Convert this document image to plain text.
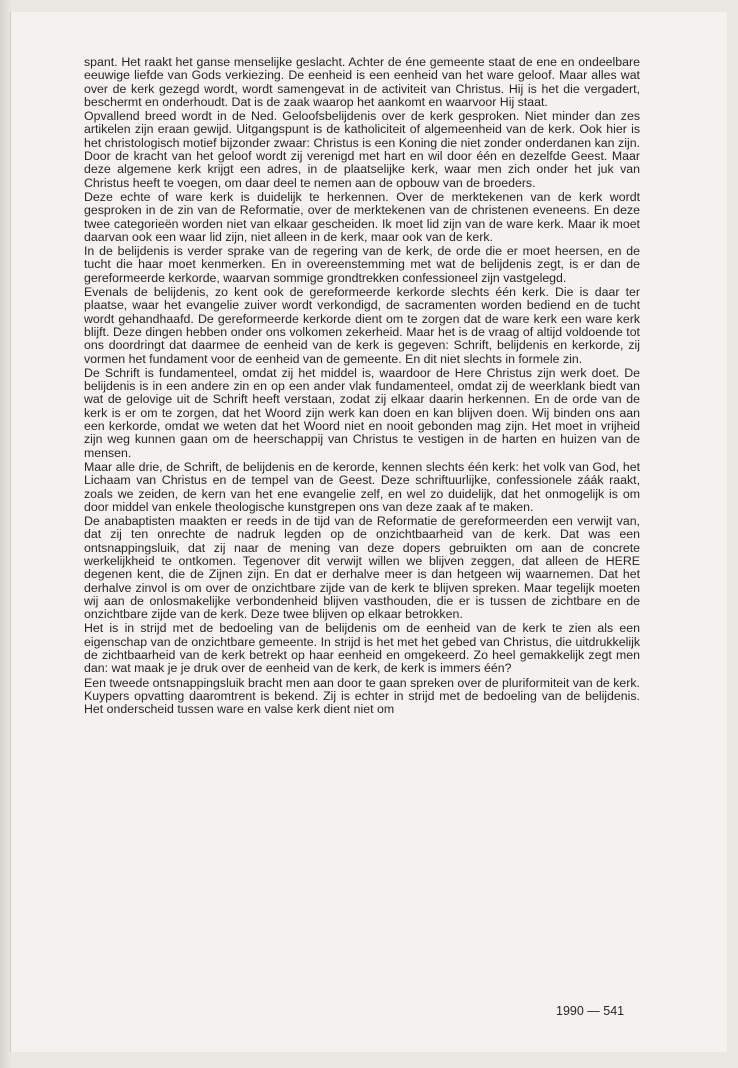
spant. Het raakt het ganse menselijke geslacht. Achter de éne gemeente staat de ene en ondeelbare eeuwige liefde van Gods verkiezing. De eenheid is een eenheid van het ware geloof. Maar alles wat over de kerk gezegd wordt, wordt samengevat in de activiteit van Christus. Hij is het die vergadert, beschermt en onderhoudt. Dat is de zaak waarop het aankomt en waarvoor Hij staat.

Opvallend breed wordt in de Ned. Geloofsbelijdenis over de kerk gesproken. Niet minder dan zes artikelen zijn eraan gewijd. Uitgangspunt is de katholiciteit of algemeenheid van de kerk. Ook hier is het christologisch motief bijzonder zwaar: Christus is een Koning die niet zonder onderdanen kan zijn. Door de kracht van het geloof wordt zij verenigd met hart en wil door één en dezelfde Geest. Maar deze algemene kerk krijgt een adres, in de plaatselijke kerk, waar men zich onder het juk van Christus heeft te voegen, om daar deel te nemen aan de opbouw van de broeders.

Deze echte of ware kerk is duidelijk te herkennen. Over de merktekenen van de kerk wordt gesproken in de zin van de Reformatie, over de merktekenen van de christenen eveneens. En deze twee categorieën worden niet van elkaar gescheiden. Ik moet lid zijn van de ware kerk. Maar ik moet daarvan ook een waar lid zijn, niet alleen in de kerk, maar ook van de kerk.

In de belijdenis is verder sprake van de regering van de kerk, de orde die er moet heersen, en de tucht die haar moet kenmerken. En in overeenstemming met wat de belijdenis zegt, is er dan de gereformeerde kerkorde, waarvan sommige grondtrekken confessioneel zijn vastgelegd.

Evenals de belijdenis, zo kent ook de gereformeerde kerkorde slechts één kerk. Die is daar ter plaatse, waar het evangelie zuiver wordt verkondigd, de sacramenten worden bediend en de tucht wordt gehandhaafd. De gereformeerde kerkorde dient om te zorgen dat de ware kerk een ware kerk blijft. Deze dingen hebben onder ons volkomen zekerheid. Maar het is de vraag of altijd voldoende tot ons doordringt dat daarmee de eenheid van de kerk is gegeven: Schrift, belijdenis en kerkorde, zij vormen het fundament voor de eenheid van de gemeente. En dit niet slechts in formele zin.

De Schrift is fundamenteel, omdat zij het middel is, waardoor de Here Christus zijn werk doet. De belijdenis is in een andere zin en op een ander vlak fundamenteel, omdat zij de weerklank biedt van wat de gelovige uit de Schrift heeft verstaan, zodat zij elkaar daarin herkennen. En de orde van de kerk is er om te zorgen, dat het Woord zijn werk kan doen en kan blijven doen. Wij binden ons aan een kerkorde, omdat we weten dat het Woord niet en nooit gebonden mag zijn. Het moet in vrijheid zijn weg kunnen gaan om de heerschappij van Christus te vestigen in de harten en huizen van de mensen.

Maar alle drie, de Schrift, de belijdenis en de kerorde, kennen slechts één kerk: het volk van God, het Lichaam van Christus en de tempel van de Geest. Deze schriftuurlijke, confessionele záák raakt, zoals we zeiden, de kern van het ene evangelie zelf, en wel zo duidelijk, dat het onmogelijk is om door middel van enkele theologische kunstgrepen ons van deze zaak af te maken.

De anabaptisten maakten er reeds in de tijd van de Reformatie de gereformeerden een verwijt van, dat zij ten onrechte de nadruk legden op de onzichtbaarheid van de kerk. Dat was een ontsnappingsluik, dat zij naar de mening van deze dopers gebruikten om aan de concrete werkelijkheid te ontkomen. Tegenover dit verwijt willen we blijven zeggen, dat alleen de HERE degenen kent, die de Zijnen zijn. En dat er derhalve meer is dan hetgeen wij waarnemen. Dat het derhalve zinvol is om over de onzichtbare zijde van de kerk te blijven spreken. Maar tegelijk moeten wij aan de onlosmakelijke verbondenheid blijven vasthouden, die er is tussen de zichtbare en de onzichtbare zijde van de kerk. Deze twee blijven op elkaar betrokken.

Het is in strijd met de bedoeling van de belijdenis om de eenheid van de kerk te zien als een eigenschap van de onzichtbare gemeente. In strijd is het met het gebed van Christus, die uitdrukkelijk de zichtbaarheid van de kerk betrekt op haar eenheid en omgekeerd. Zo heel gemakkelijk zegt men dan: wat maak je je druk over de eenheid van de kerk, de kerk is immers één?

Een tweede ontsnappingsluik bracht men aan door te gaan spreken over de pluriformiteit van de kerk. Kuypers opvatting daaromtrent is bekend. Zij is echter in strijd met de bedoeling van de belijdenis. Het onderscheid tussen ware en valse kerk dient niet om

1990 — 541
